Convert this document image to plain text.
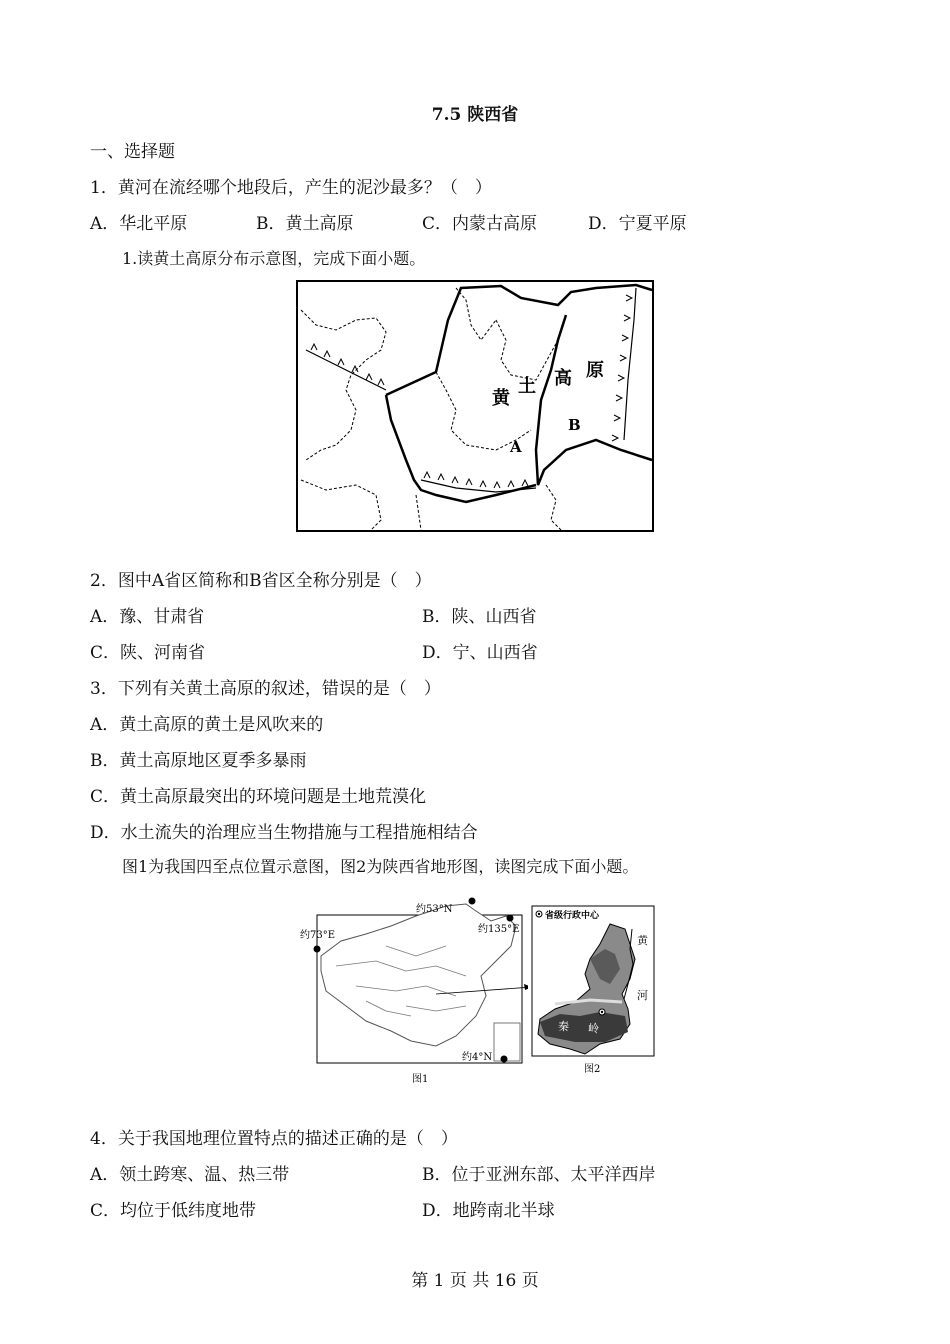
7.5 陕西省
一、选择题
1．黄河在流经哪个地段后，产生的泥沙最多？（　）
A．华北平原	B．黄土高原	C．内蒙古高原	D．宁夏平原
1.读黄土高原分布示意图，完成下面小题。
黄
土 高 原
A
B
2．图中A省区简称和B省区全称分别是（　）
A．豫、甘肃省	B．陕、山西省
C．陕、河南省	D．宁、山西省
3．下列有关黄土高原的叙述，错误的是（　）
A．黄土高原的黄土是风吹来的
B．黄土高原地区夏季多暴雨
C．黄土高原最突出的环境问题是土地荒漠化
D．水土流失的治理应当生物措施与工程措施相结合
图1为我国四至点位置示意图，图2为陕西省地形图，读图完成下面小题。
约53°N
约73°E
约135°E
约4°N
图1
省级行政中心
黄
河
秦 岭
图2
4．关于我国地理位置特点的描述正确的是（　）
A．领土跨寒、温、热三带	B．位于亚洲东部、太平洋西岸
C．均位于低纬度地带	D．地跨南北半球
第 1 页 共 16 页
